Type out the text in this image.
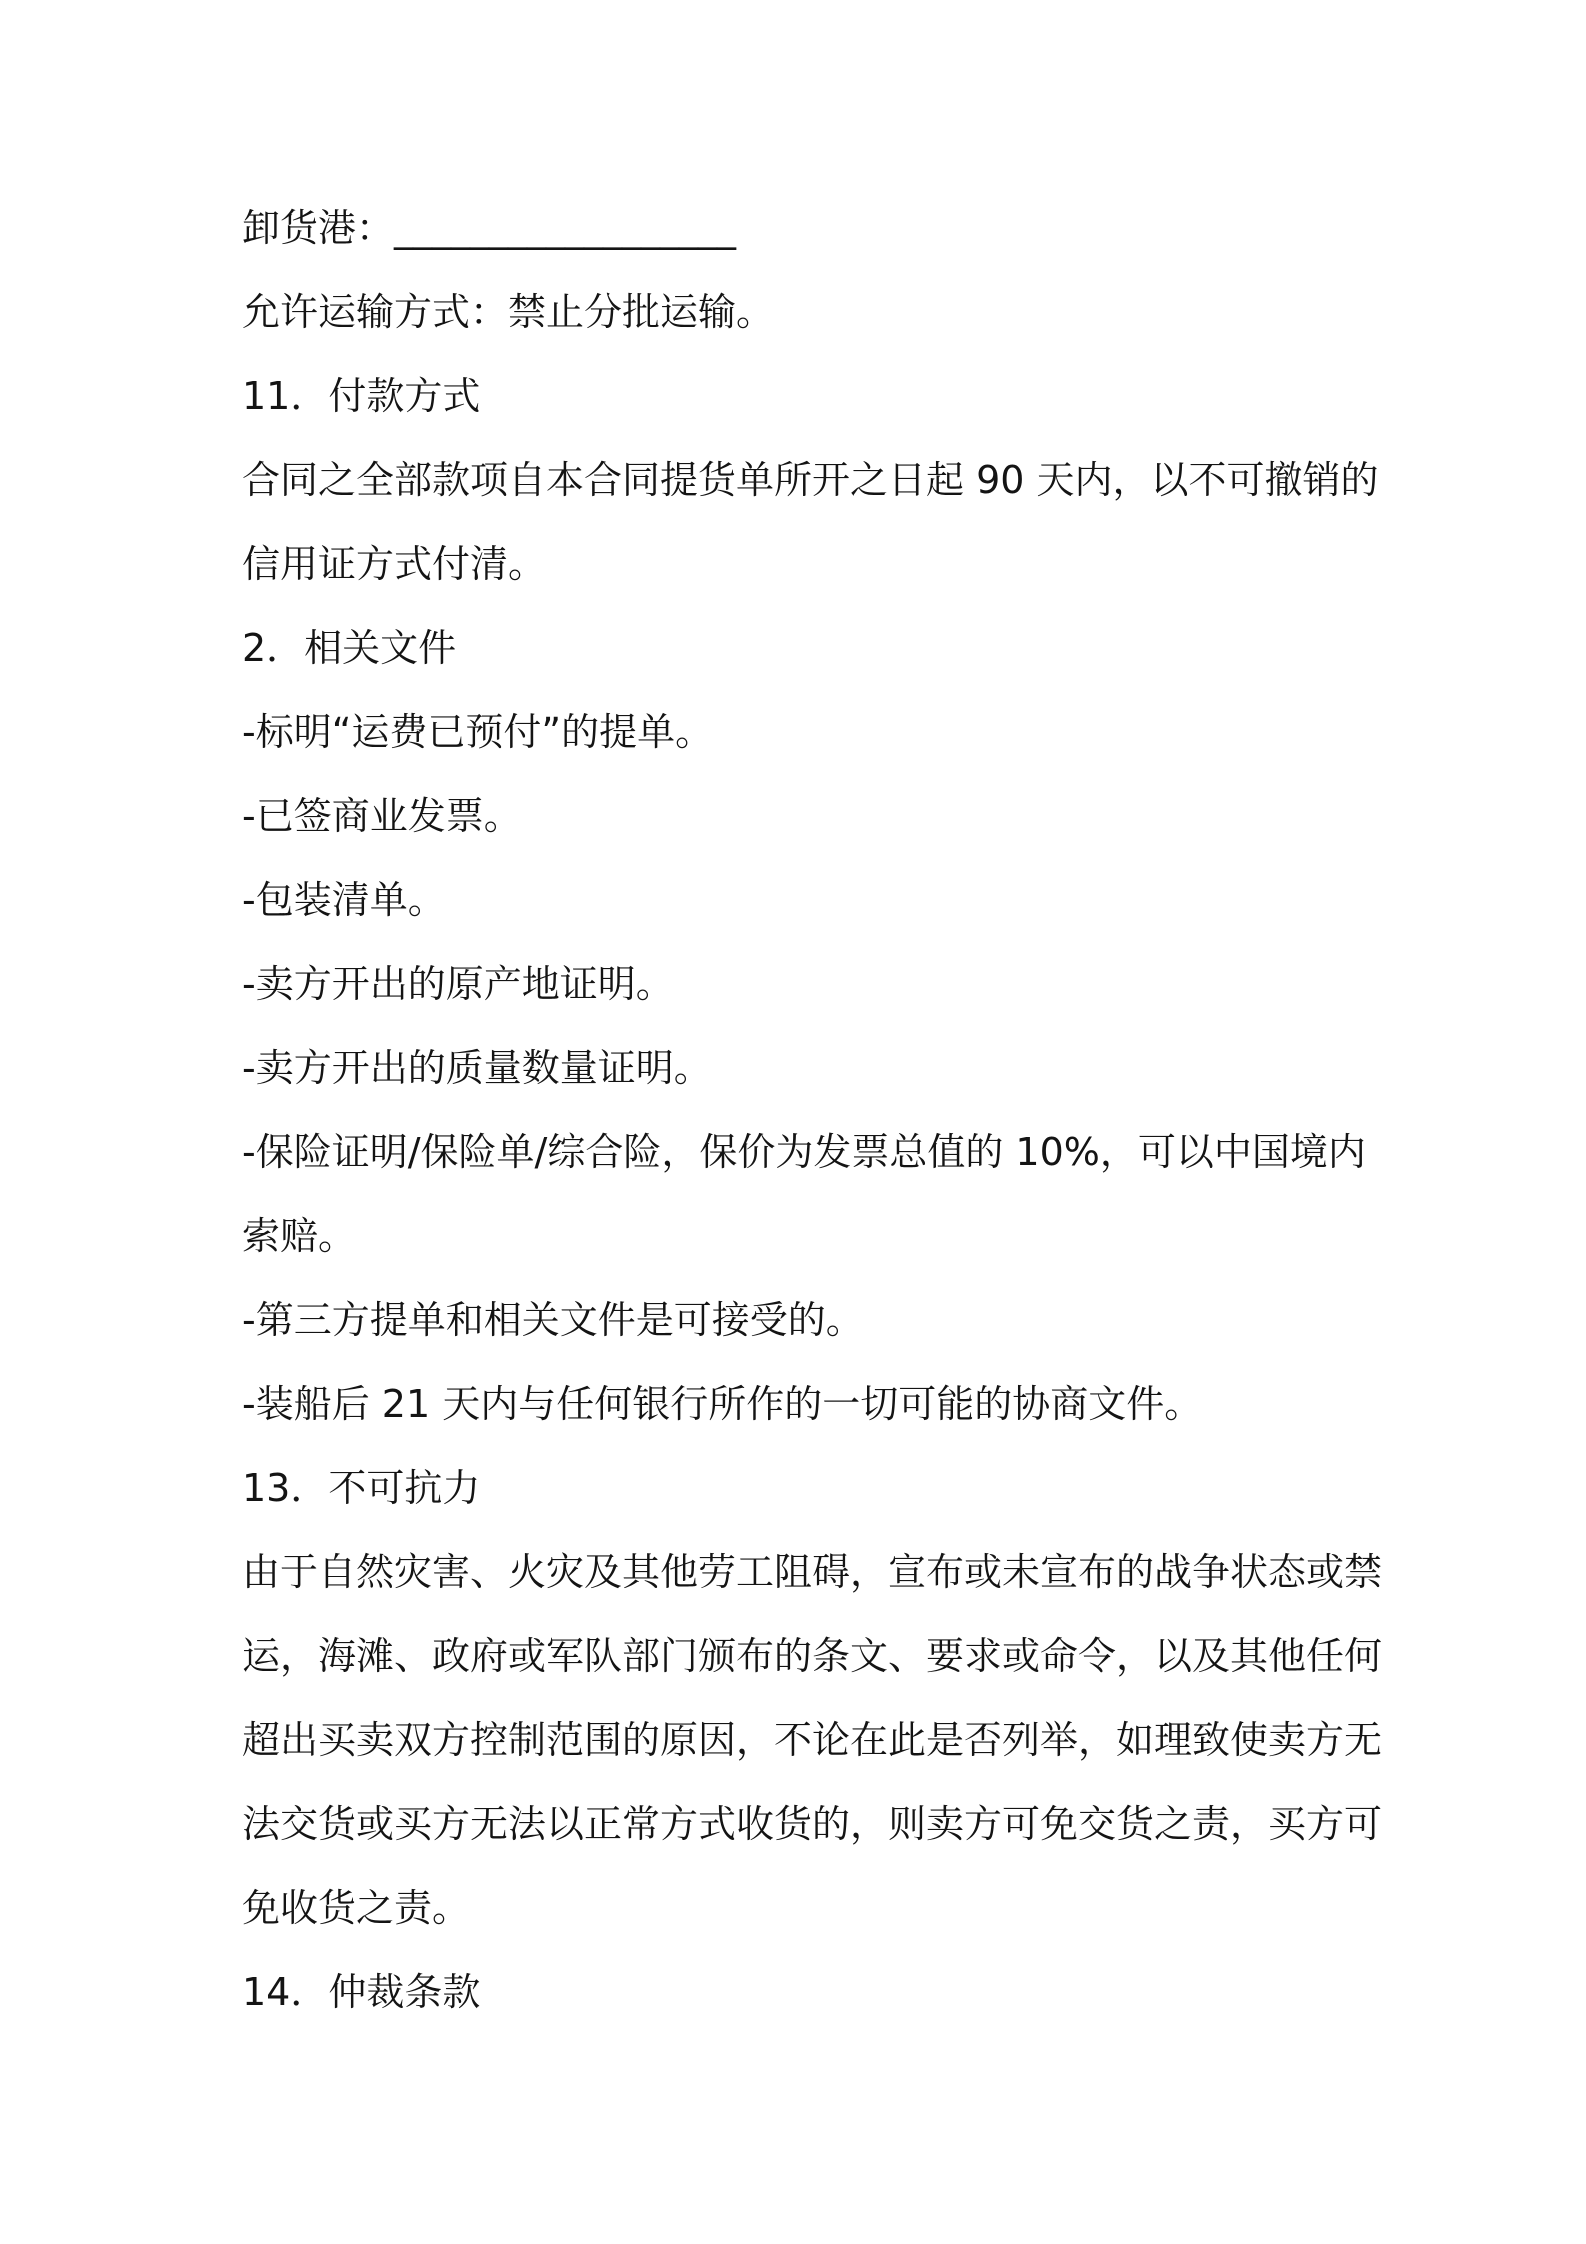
卸货港：__________________
允许运输方式：禁止分批运输。
11．付款方式
合同之全部款项自本合同提货单所开之日起 90 天内，以不可撤销的
信用证方式付清。
2．相关文件
-标明“运费已预付”的提单。
-已签商业发票。
-包装清单。
-卖方开出的原产地证明。
-卖方开出的质量数量证明。
-保险证明/保险单/综合险，保价为发票总值的 10%，可以中国境内
索赔。
-第三方提单和相关文件是可接受的。
-装船后 21 天内与任何银行所作的一切可能的协商文件。
13．不可抗力
由于自然灾害、火灾及其他劳工阻碍，宣布或未宣布的战争状态或禁
运，海滩、政府或军队部门颁布的条文、要求或命令，以及其他任何
超出买卖双方控制范围的原因，不论在此是否列举，如理致使卖方无
法交货或买方无法以正常方式收货的，则卖方可免交货之责，买方可
免收货之责。
14．仲裁条款
